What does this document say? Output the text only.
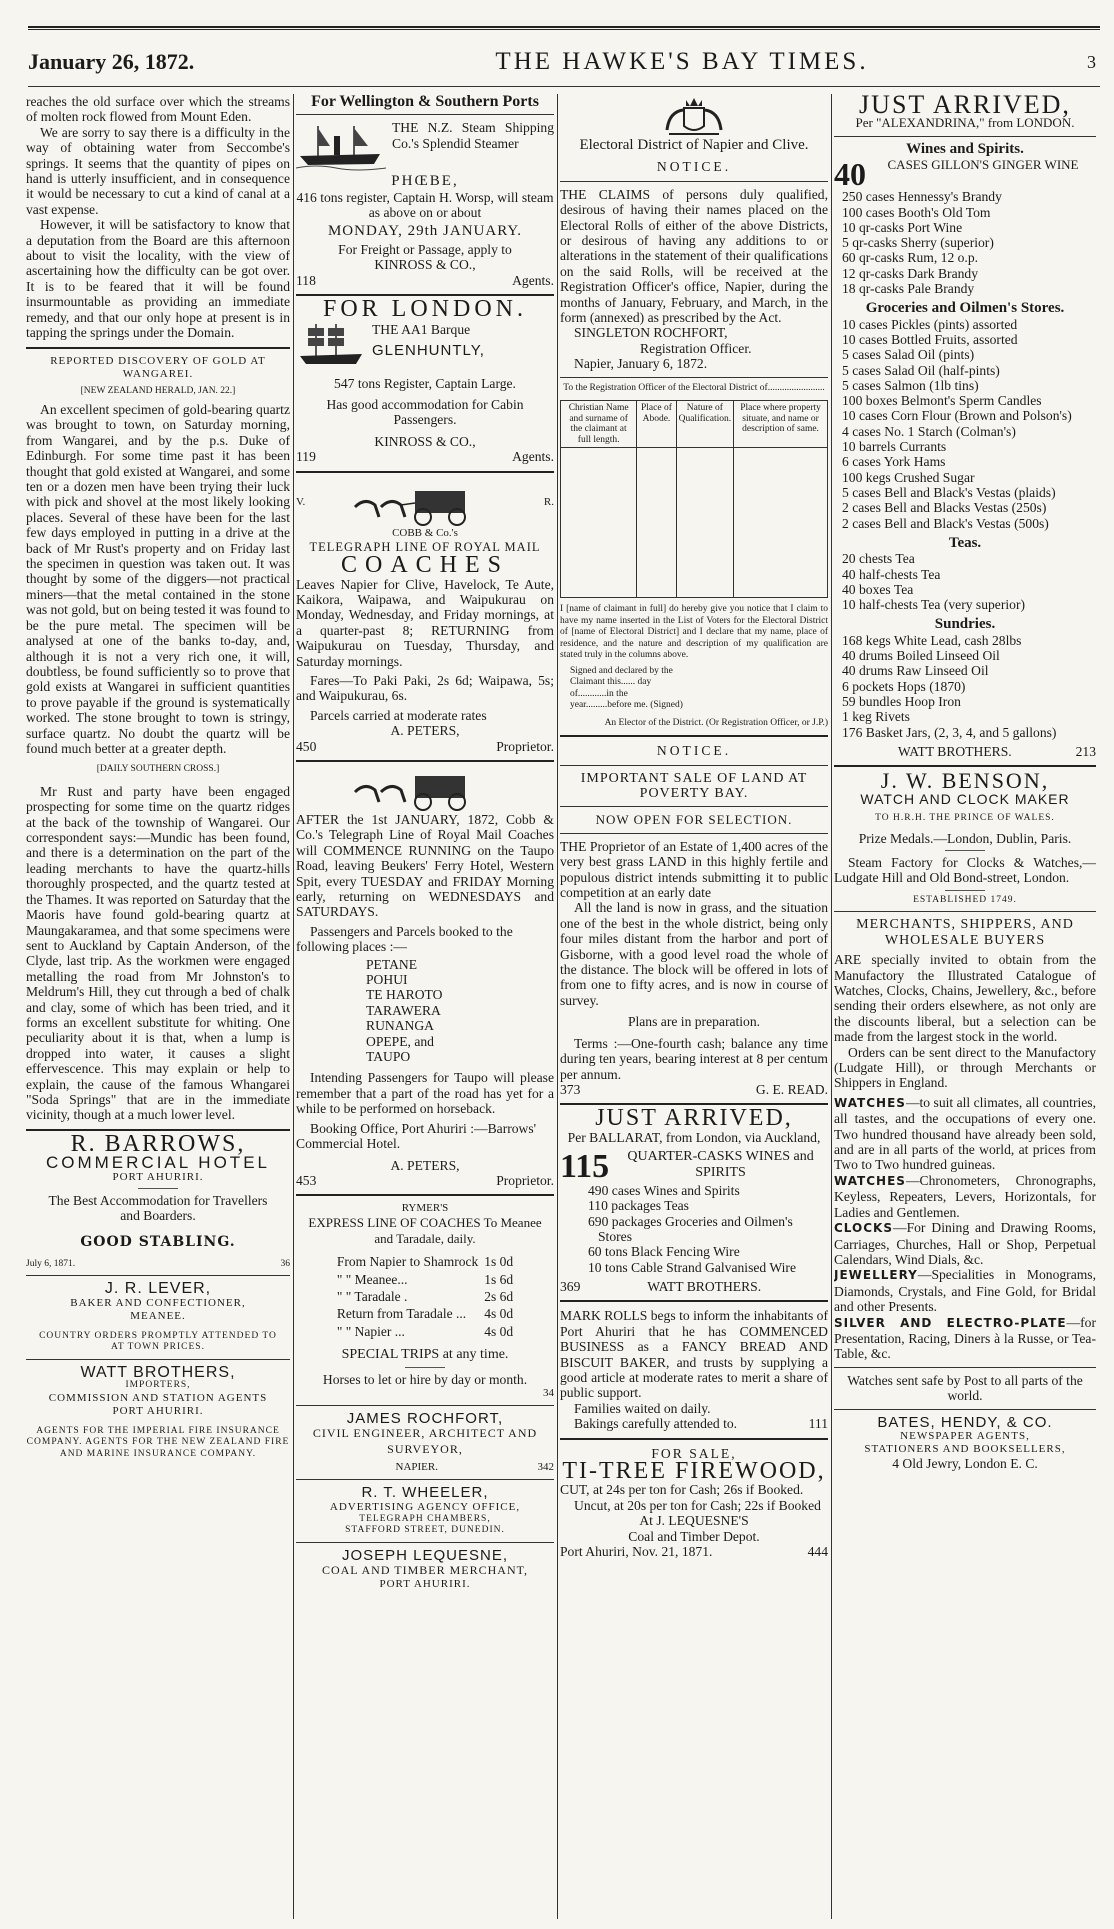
January 26, 1872.	THE HAWKE'S BAY TIMES.	3

reaches the old surface over which the streams of molten rock flowed from Mount Eden.

We are sorry to say there is a difficulty in the way of obtaining water from Seccombe's springs. It seems that the quantity of pipes on hand is utterly insufficient, and in consequence it would be necessary to cut a kind of canal at a vast expense.

However, it will be satisfactory to know that a deputation from the Board are this afternoon about to visit the locality, with the view of ascertaining how the difficulty can be got over. It is to be feared that it will be found insurmountable as providing an immediate remedy, and that our only hope at present is in tapping the springs under the Domain.

REPORTED DISCOVERY OF GOLD AT WANGAREI.
[NEW ZEALAND HERALD, JAN. 22.]

An excellent specimen of gold-bearing quartz was brought to town, on Saturday morning, from Wangarei, and by the p.s. Duke of Edinburgh. For some time past it has been thought that gold existed at Wangarei, and some ten or a dozen men have been trying their luck with pick and shovel at the most likely looking places. Several of these have been for the last few days employed in putting in a drive at the back of Mr Rust's property and on Friday last the specimen in question was taken out. It was thought by some of the diggers—not practical miners—that the metal contained in the stone was not gold, but on being tested it was found to be the pure metal. The specimen will be analysed at one of the banks to-day, and, although it is not a very rich one, it will, doubtless, be found sufficiently so to prove that gold exists at Wangarei in sufficient quantities to prove payable if the ground is systematically worked. The stone brought to town is stringy, surface quartz. No doubt the quartz will be found much better at a greater depth.

[DAILY SOUTHERN CROSS.]

Mr Rust and party have been engaged prospecting for some time on the quartz ridges at the back of the township of Wangarei. Our correspondent says:—Mundic has been found, and there is a determination on the part of the leading merchants to have the quartz-hills thoroughly prospected, and the quartz tested at the Thames. It was reported on Saturday that the Maoris have found gold-bearing quartz at Maungakaramea, and that some specimens were sent to Auckland by Captain Anderson, of the Clyde, last trip. As the workmen were engaged metalling the road from Mr Johnston's to Meldrum's Hill, they cut through a bed of chalk and clay, some of which has been tried, and it forms an excellent substitute for whiting. One peculiarity about it is that, when a lump is dropped into water, it causes a slight effervescence. This may explain or help to explain, the cause of the famous Whangarei "Soda Springs" that are in the immediate vicinity, though at a much lower level.

R. BARROWS,
COMMERCIAL HOTEL
PORT AHURIRI.
The Best Accommodation for Travellers and Boarders.
GOOD STABLING.
July 6, 1871.	36
J. R. LEVER,
BAKER AND CONFECTIONER,
MEANEE.
COUNTRY ORDERS PROMPTLY ATTENDED TO AT TOWN PRICES.
WATT BROTHERS,
IMPORTERS,
COMMISSION AND STATION AGENTS
PORT AHURIRI.
AGENTS FOR THE IMPERIAL FIRE INSURANCE COMPANY. AGENTS FOR THE NEW ZEALAND FIRE AND MARINE INSURANCE COMPANY.
For Wellington & Southern Ports
THE N.Z. Steam Shipping Co.'s Splendid Steamer
PHŒBE,
416 tons register, Captain H. Worsp, will steam as above on or about
MONDAY, 29th JANUARY.
For Freight or Passage, apply to
KINROSS & CO.,
118	Agents.
FOR LONDON.
THE AA1 Barque
GLENHUNTLY,
547 tons Register, Captain Large.
Has good accommodation for Cabin Passengers.
KINROSS & CO.,
119	Agents.
V.	R.
COBB & Co.'s
TELEGRAPH LINE OF ROYAL MAIL
COACHES

Leaves Napier for Clive, Havelock, Te Aute, Kaikora, Waipawa, and Waipukurau on Monday, Wednesday, and Friday mornings, at a quarter-past 8; RETURNING from Waipukurau on Tuesday, Thursday, and Saturday mornings.

Fares—To Paki Paki, 2s 6d; Waipawa, 5s; and Waipukurau, 6s.

Parcels carried at moderate rates

A. PETERS,
450	Proprietor.

AFTER the 1st JANUARY, 1872, Cobb & Co.'s Telegraph Line of Royal Mail Coaches will COMMENCE RUNNING on the Taupo Road, leaving Beukers' Ferry Hotel, Western Spit, every TUESDAY and FRIDAY Morning early, returning on WEDNESDAYS and SATURDAYS.

Passengers and Parcels booked to the following places :—

PETANE
POHUI
TE HAROTO
TARAWERA
RUNANGA
OPEPE, and
TAUPO

Intending Passengers for Taupo will please remember that a part of the road has yet for a while to be performed on horseback.

Booking Office, Port Ahuriri :—Barrows' Commercial Hotel.

A. PETERS,
453	Proprietor.
RYMER'S
EXPRESS LINE OF COACHES To Meanee and Taradale, daily.
From Napier to Shamrock	1s 0d
" " Meanee...	1s 6d
" " Taradale .	2s 6d
Return from Taradale ...	4s 0d
" " Napier ...	4s 0d
SPECIAL TRIPS at any time.
Horses to let or hire by day or month.
34
JAMES ROCHFORT,
CIVIL ENGINEER, ARCHITECT AND SURVEYOR,
NAPIER.	342
R. T. WHEELER,
ADVERTISING AGENCY OFFICE,
TELEGRAPH CHAMBERS,
STAFFORD STREET, DUNEDIN.
JOSEPH LEQUESNE,
COAL AND TIMBER MERCHANT,
PORT AHURIRI.
Electoral District of Napier and Clive.
NOTICE.

THE CLAIMS of persons duly qualified, desirous of having their names placed on the Electoral Rolls of either of the above Districts, or desirous of having any additions to or alterations in the statement of their qualifications on the said Rolls, will be received at the Registration Officer's office, Napier, during the months of January, February, and March, in the form (annexed) as prescribed by the Act.

SINGLETON ROCHFORT,
Registration Officer.
Napier, January 6, 1872.
To the Registration Officer of the Electoral District of........................
Christian Name and surname of the claimant at full length.	Place of Abode.	Nature of Qualification.	Place where property situate, and name or description of same.

I [name of claimant in full] do hereby give you notice that I claim to have my name inserted in the List of Voters for the Electoral District of [name of Electoral District] and I declare that my name, place of residence, and the nature and description of my qualification are stated truly in the columns above.
Signed and declared by the Claimant this...... day of............in the year.........before me. (Signed)
An Elector of the District. (Or Registration Officer, or J.P.)
NOTICE.
IMPORTANT SALE OF LAND AT POVERTY BAY.
NOW OPEN FOR SELECTION.

THE Proprietor of an Estate of 1,400 acres of the very best grass LAND in this highly fertile and populous district intends submitting it to public competition at an early date

All the land is now in grass, and the situation one of the best in the whole district, being only four miles distant from the harbor and port of Gisborne, with a good level road the whole of the distance. The block will be offered in lots of from one to fifty acres, and is now in course of survey.

Plans are in preparation.

Terms :—One-fourth cash; balance any time during ten years, bearing interest at 8 per centum per annum.

373	G. E. READ.
JUST ARRIVED,
Per BALLARAT, from London, via Auckland,
115	QUARTER-CASKS WINES and SPIRITS
490 cases Wines and Spirits
110 packages Teas
690 packages Groceries and Oilmen's Stores
60 tons Black Fencing Wire
10 tons Cable Strand Galvanised Wire
369	WATT BROTHERS.

MARK ROLLS begs to inform the inhabitants of Port Ahuriri that he has COMMENCED BUSINESS as a FANCY BREAD AND BISCUIT BAKER, and trusts by supplying a good article at moderate rates to merit a share of public support.

Families waited on daily.

Bakings carefully attended to.	111
FOR SALE,
TI-TREE FIREWOOD,

CUT, at 24s per ton for Cash; 26s if Booked.

Uncut, at 20s per ton for Cash; 22s if Booked

At J. LEQUESNE'S
Coal and Timber Depot.
Port Ahuriri, Nov. 21, 1871.	444
JUST ARRIVED,
Per "ALEXANDRINA," from LONDON.
Wines and Spirits.
40	CASES GILLON'S GINGER WINE
250 cases Hennessy's Brandy
100 cases Booth's Old Tom
10 qr-casks Port Wine
5 qr-casks Sherry (superior)
60 qr-casks Rum, 12 o.p.
12 qr-casks Dark Brandy
18 qr-casks Pale Brandy
Groceries and Oilmen's Stores.
10 cases Pickles (pints) assorted
10 cases Bottled Fruits, assorted
5 cases Salad Oil (pints)
5 cases Salad Oil (half-pints)
5 cases Salmon (1lb tins)
100 boxes Belmont's Sperm Candles
10 cases Corn Flour (Brown and Polson's)
4 cases No. 1 Starch (Colman's)
10 barrels Currants
6 cases York Hams
100 kegs Crushed Sugar
5 cases Bell and Black's Vestas (plaids)
2 cases Bell and Blacks Vestas (250s)
2 cases Bell and Black's Vestas (500s)
Teas.
20 chests Tea
40 half-chests Tea
40 boxes Tea
10 half-chests Tea (very superior)
Sundries.
168 kegs White Lead, cash 28lbs
40 drums Boiled Linseed Oil
40 drums Raw Linseed Oil
6 pockets Hops (1870)
59 bundles Hoop Iron
1 keg Rivets
176 Basket Jars, (2, 3, 4, and 5 gallons)
WATT BROTHERS.	213
J. W. BENSON,
WATCH AND CLOCK MAKER
TO H.R.H. THE PRINCE OF WALES.
Prize Medals.—London, Dublin, Paris.

Steam Factory for Clocks & Watches,—Ludgate Hill and Old Bond-street, London.

ESTABLISHED 1749.
MERCHANTS, SHIPPERS, AND WHOLESALE BUYERS

ARE specially invited to obtain from the Manufactory the Illustrated Catalogue of Watches, Clocks, Chains, Jewellery, &c., before sending their orders elsewhere, as not only are the discounts liberal, but a selection can be made from the largest stock in the world.

Orders can be sent direct to the Manufactory (Ludgate Hill), or through Merchants or Shippers in England.

WATCHES—to suit all climates, all countries, all tastes, and the occupations of every one. Two hundred thousand have already been sold, and are in all parts of the world, at prices from Two to Two hundred guineas.

WATCHES—Chronometers, Chronographs, Keyless, Repeaters, Levers, Horizontals, for Ladies and Gentlemen.

CLOCKS—For Dining and Drawing Rooms, Carriages, Churches, Hall or Shop, Perpetual Calendars, Wind Dials, &c.

JEWELLERY—Specialities in Monograms, Diamonds, Crystals, and Fine Gold, for Bridal and other Presents.

SILVER AND ELECTRO-PLATE—for Presentation, Racing, Diners à la Russe, or Tea-Table, &c.

Watches sent safe by Post to all parts of the world.
BATES, HENDY, & CO.
NEWSPAPER AGENTS,
STATIONERS AND BOOKSELLERS,
4 Old Jewry, London E. C.
